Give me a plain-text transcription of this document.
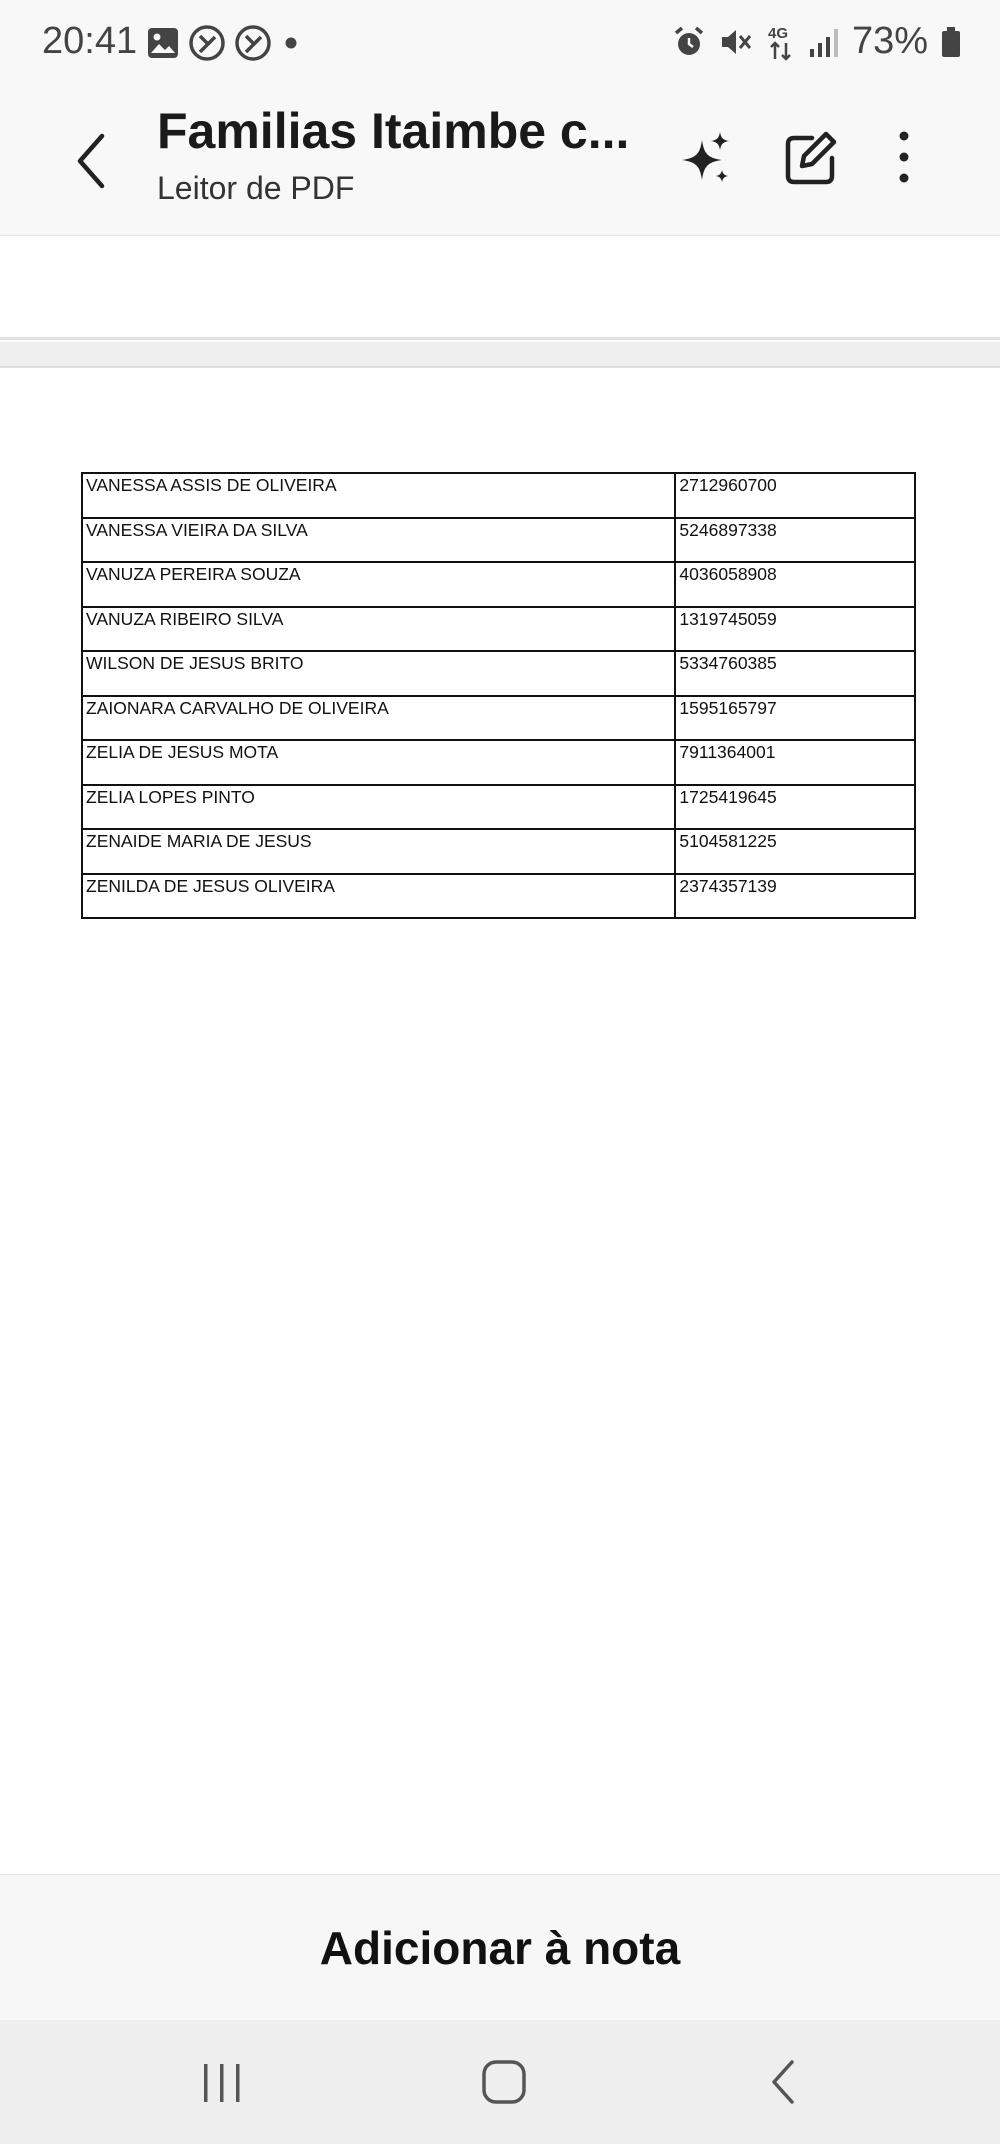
20:41	4G 73%
Familias Itaimbe c...
Leitor de PDF
VANESSA ASSIS DE OLIVEIRA	2712960700
VANESSA VIEIRA DA SILVA	5246897338
VANUZA PEREIRA SOUZA	4036058908
VANUZA RIBEIRO SILVA	1319745059
WILSON DE JESUS BRITO	5334760385
ZAIONARA CARVALHO DE OLIVEIRA	1595165797
ZELIA DE JESUS MOTA	7911364001
ZELIA LOPES PINTO	1725419645
ZENAIDE MARIA DE JESUS	5104581225
ZENILDA DE JESUS OLIVEIRA	2374357139
Adicionar à nota
